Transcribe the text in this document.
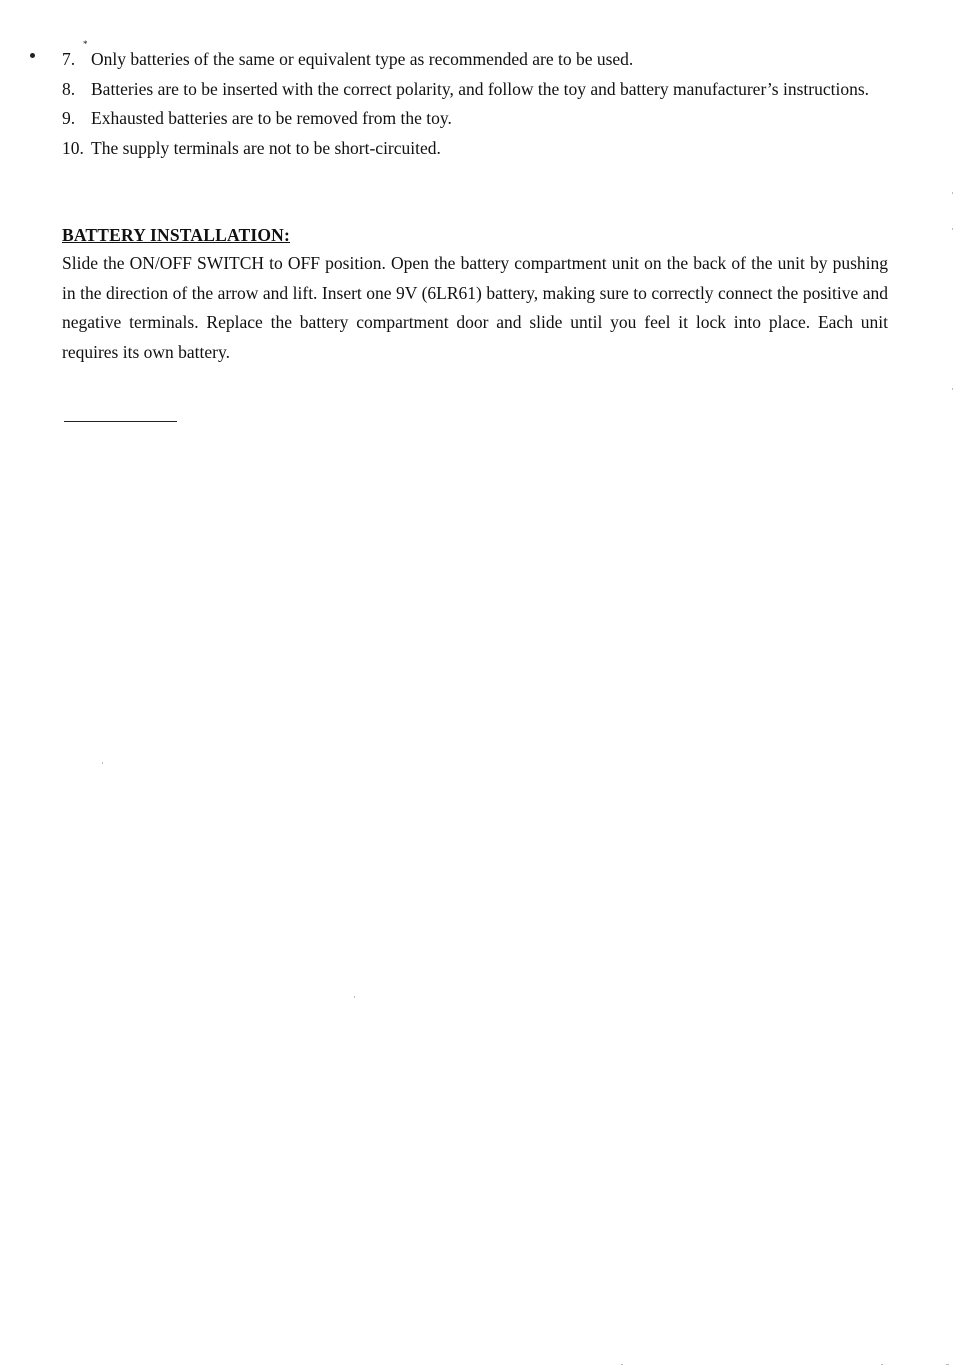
*
7. Only batteries of the same or equivalent type as recommended are to be used.
8. Batteries are to be inserted with the correct polarity, and follow the toy and battery manufacturer’s instructions.
9. Exhausted batteries are to be removed from the toy.
10. The supply terminals are not to be short-circuited.
BATTERY INSTALLATION:

Slide the ON/OFF SWITCH to OFF position. Open the battery compartment unit on the back of the unit by pushing in the direction of the arrow and lift. Insert one 9V (6LR61) battery, making sure to correctly connect the positive and negative terminals. Replace the battery compartment door and slide until you feel it lock into place. Each unit requires its own battery.
